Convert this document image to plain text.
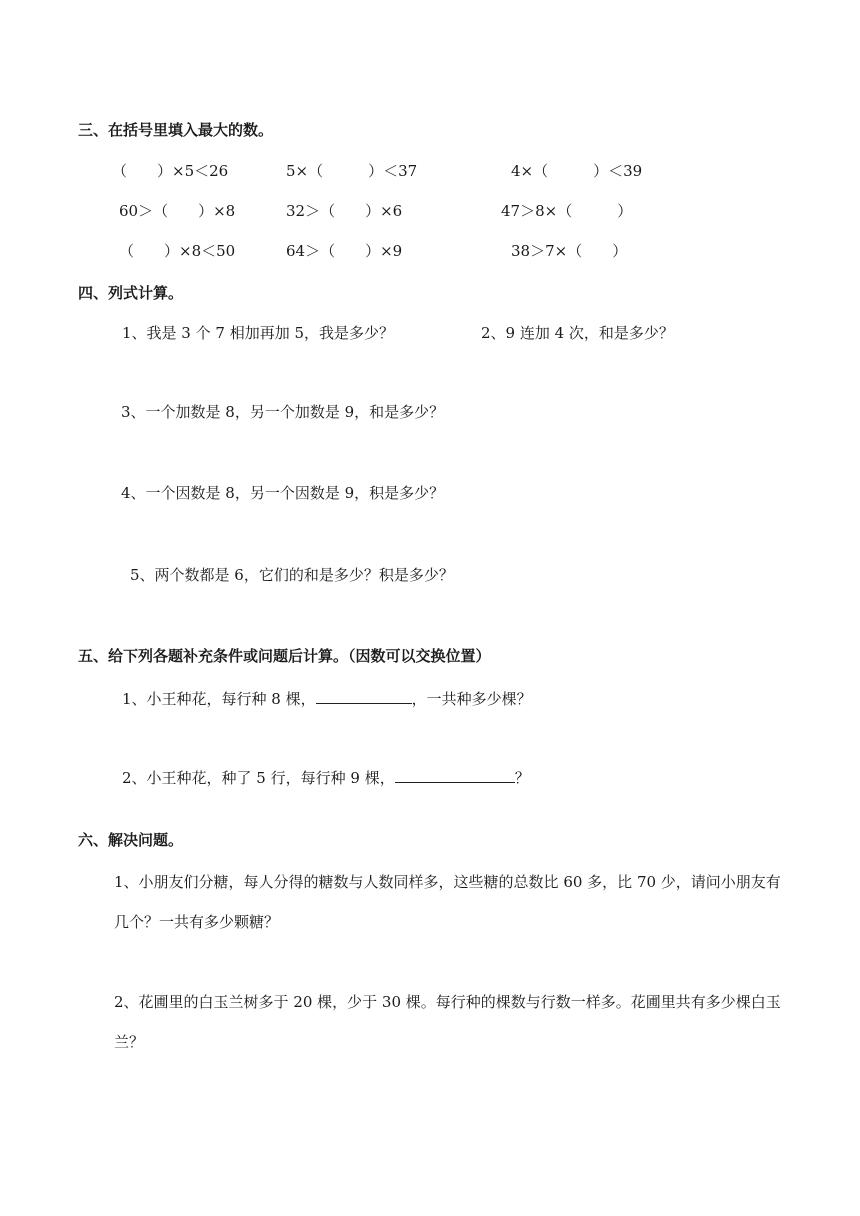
三、在括号里填入最大的数。
（　　）×5＜26	5×（　　　）＜37	4×（　　　）＜39
60＞（　　）×8	32＞（　　）×6	47＞8×（　　　）
（　　）×8＜50	64＞（　　）×9	38＞7×（　　）
四、列式计算。
1、我是 3 个 7 相加再加 5，我是多少？	2、9 连加 4 次，和是多少？
3、一个加数是 8，另一个加数是 9，和是多少？
4、一个因数是 8，另一个因数是 9，积是多少？
5、两个数都是 6，它们的和是多少？积是多少？
五、给下列各题补充条件或问题后计算。（因数可以交换位置）
1、小王种花，每行种 8 棵，	，一共种多少棵？
2、小王种花，种了 5 行，每行种 9 棵，	？
六、解决问题。
1、小朋友们分糖，每人分得的糖数与人数同样多，这些糖的总数比 60 多，比 70 少，请问小朋友有几个？一共有多少颗糖？
2、花圃里的白玉兰树多于 20 棵，少于 30 棵。每行种的棵数与行数一样多。花圃里共有多少棵白玉兰？
